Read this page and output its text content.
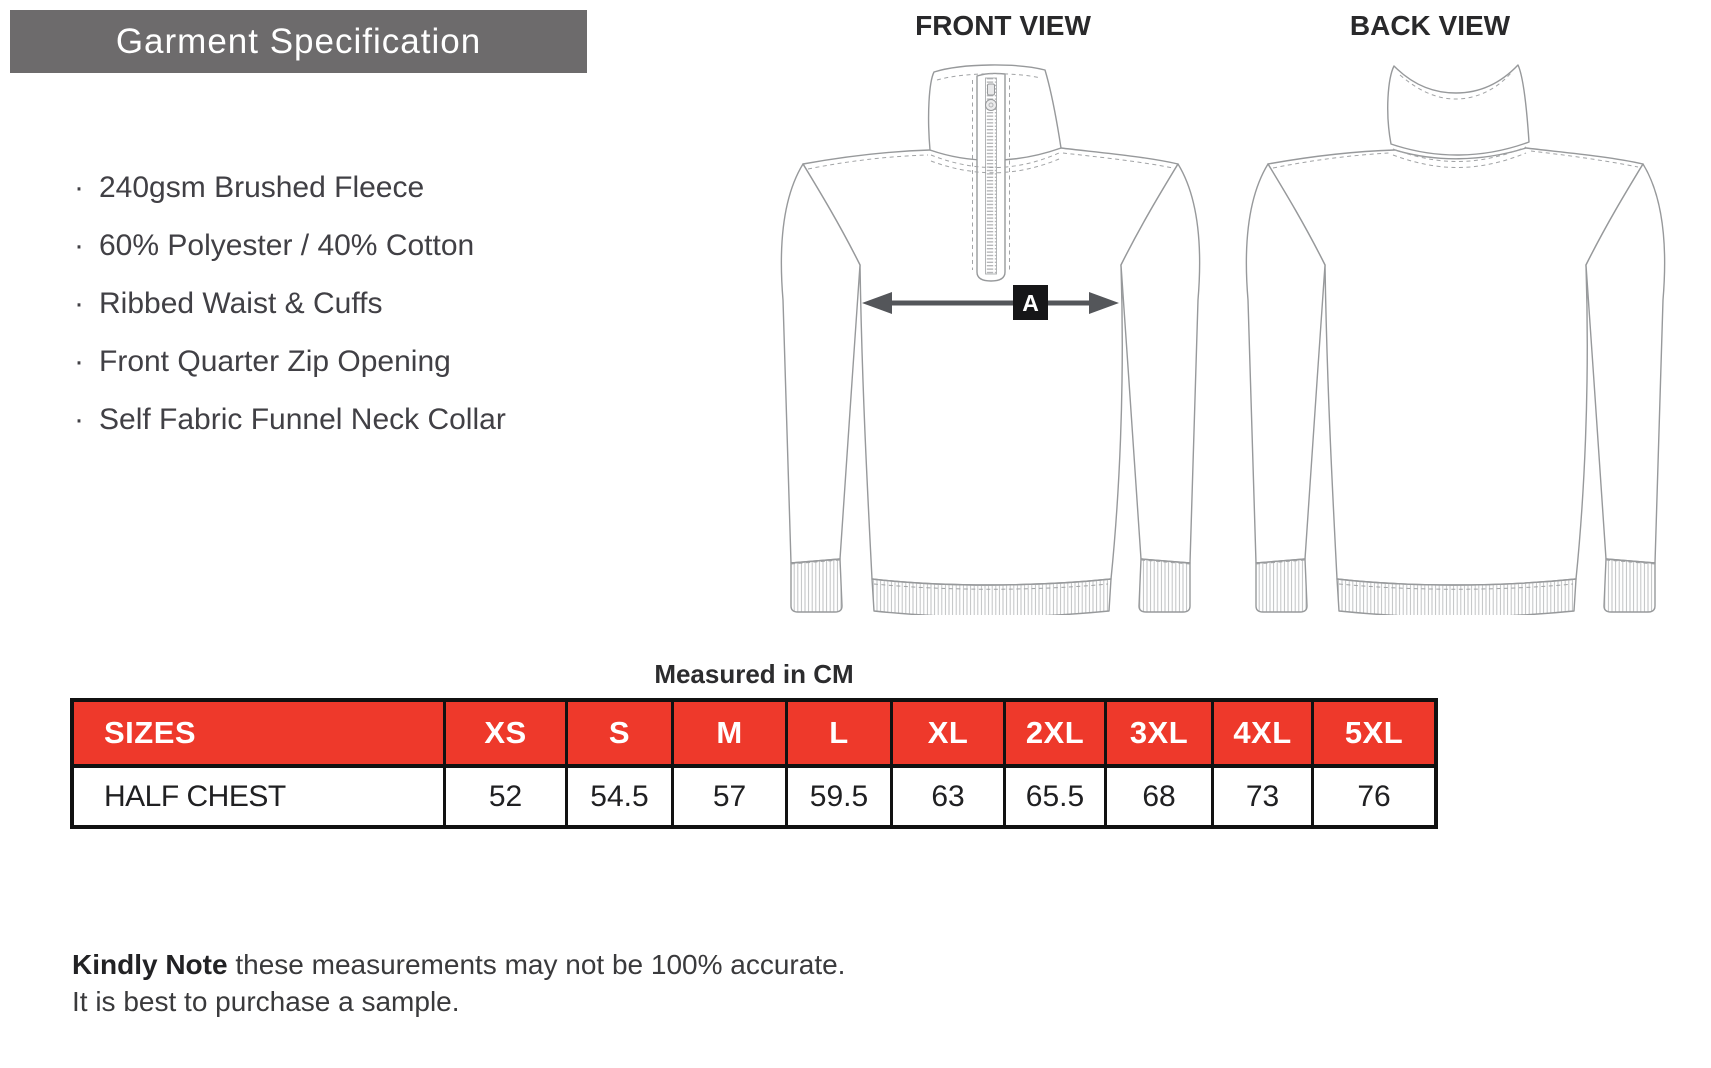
Garment Specification
· 240gsm Brushed Fleece
· 60% Polyester / 40% Cotton
· Ribbed Waist & Cuffs
· Front Quarter Zip Opening
· Self Fabric Funnel Neck Collar
FRONT VIEW	BACK VIEW
A
Measured in CM
SIZES	XS	S	M	L	XL	2XL	3XL	4XL	5XL
HALF CHEST	52	54.5	57	59.5	63	65.5	68	73	76

Kindly Note these measurements may not be 100% accurate.

It is best to purchase a sample.
